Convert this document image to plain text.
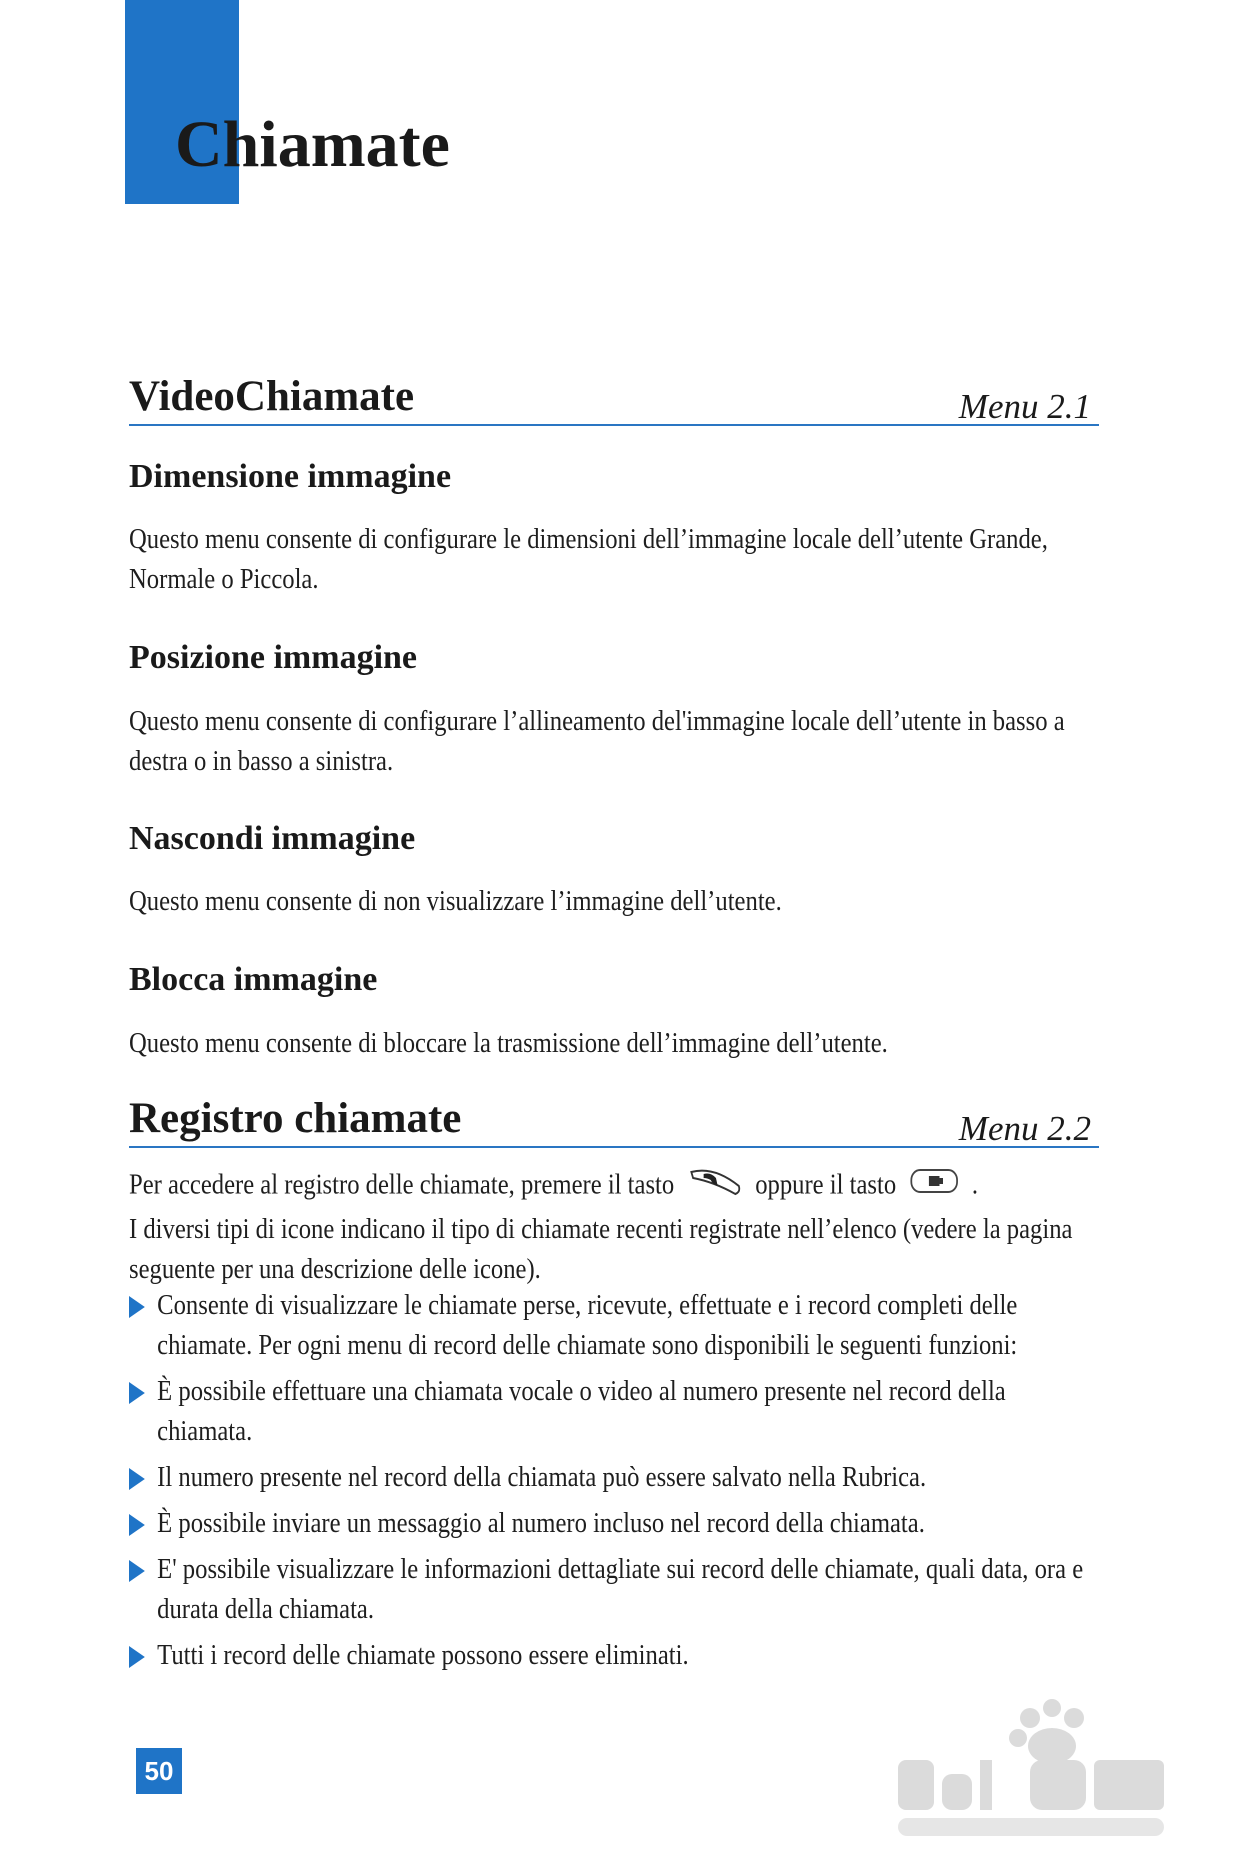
Chiamate
VideoChiamate	Menu 2.1
Dimensione immagine

Questo menu consente di configurare le dimensioni dell’immagine locale dell’utente Grande, Normale o Piccola.

Posizione immagine

Questo menu consente di configurare l’allineamento del'immagine locale dell’utente in basso a destra o in basso a sinistra.

Nascondi immagine

Questo menu consente di non visualizzare l’immagine dell’utente.

Blocca immagine

Questo menu consente di bloccare la trasmissione dell’immagine dell’utente.

Registro chiamate	Menu 2.2

Per accedere al registro delle chiamate, premere il tasto	oppure il tasto	.
I diversi tipi di icone indicano il tipo di chiamate recenti registrate nell’elenco (vedere la pagina seguente per una descrizione delle icone).

Consente di visualizzare le chiamate perse, ricevute, effettuate e i record completi delle chiamate. Per ogni menu di record delle chiamate sono disponibili le seguenti funzioni:
È possibile effettuare una chiamata vocale o video al numero presente nel record della chiamata.
Il numero presente nel record della chiamata può essere salvato nella Rubrica.
È possibile inviare un messaggio al numero incluso nel record della chiamata.
E' possibile visualizzare le informazioni dettagliate sui record delle chiamate, quali data, ora e durata della chiamata.
Tutti i record delle chiamate possono essere eliminati.
50
